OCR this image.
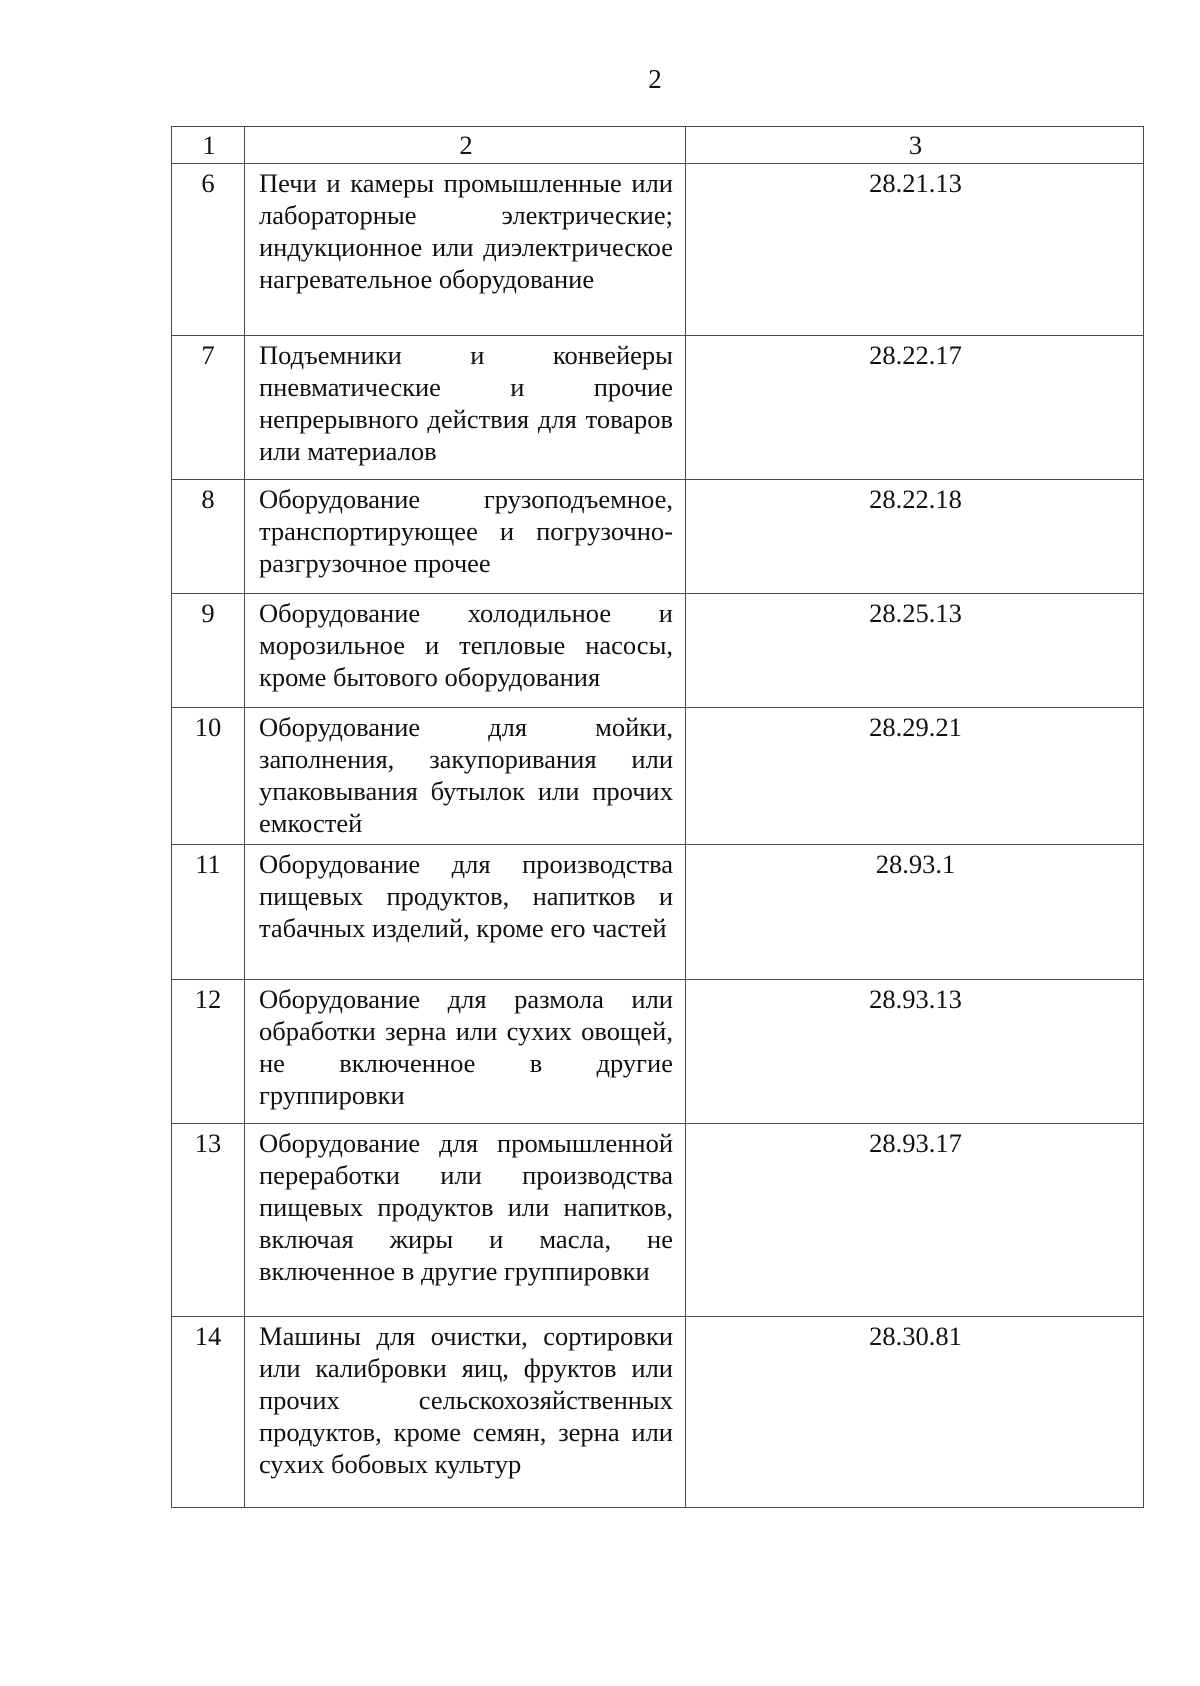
2
1	2	3
6	Печи и камеры промышленные или лабораторные электрические; индукционное или диэлектрическое нагревательное оборудование	28.21.13
7	Подъемники и конвейеры пневматические и прочие непрерывного действия для товаров или материалов	28.22.17
8	Оборудование грузоподъемное, транспортирующее и погрузочно-разгрузочное прочее	28.22.18
9	Оборудование холодильное и морозильное и тепловые насосы, кроме бытового оборудования	28.25.13
10	Оборудование для мойки, заполнения, закупоривания или упаковывания бутылок или прочих емкостей	28.29.21
11	Оборудование для производства пищевых продуктов, напитков и табачных изделий, кроме его частей	28.93.1
12	Оборудование для размола или обработки зерна или сухих овощей, не включенное в другие группировки	28.93.13
13	Оборудование для промышленной переработки или производства пищевых продуктов или напитков, включая жиры и масла, не включенное в другие группировки	28.93.17
14	Машины для очистки, сортировки или калибровки яиц, фруктов или прочих сельскохозяйственных продуктов, кроме семян, зерна или сухих бобовых культур	28.30.81
